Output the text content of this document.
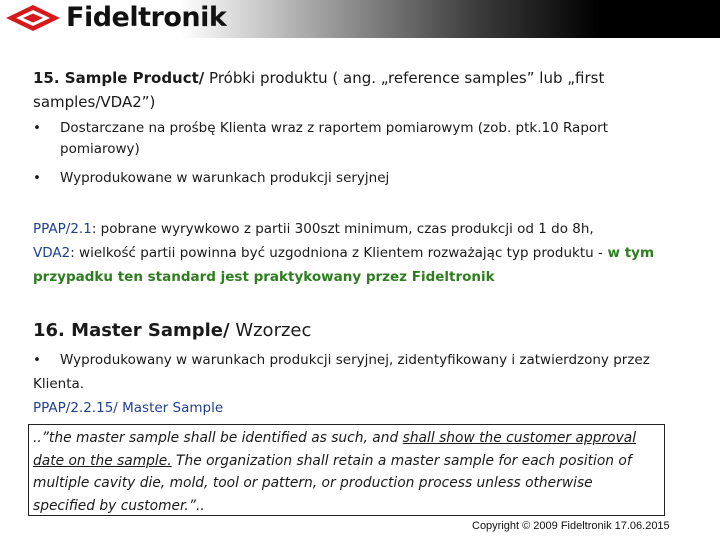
Fideltronik
15. Sample Product/ Próbki produktu ( ang. „reference samples” lub „first samples/VDA2”)
• Dostarczane na prośbę Klienta wraz z raportem pomiarowym (zob. ptk.10 Raport pomiarowy)
• Wyprodukowane w warunkach produkcji seryjnej
PPAP/2.1: pobrane wyrywkowo z partii 300szt minimum, czas produkcji od 1 do 8h,
VDA2: wielkość partii powinna być uzgodniona z Klientem rozważając typ produktu - w tym przypadku ten standard jest praktykowany przez Fideltronik
16. Master Sample/ Wzorzec
• Wyprodukowany w warunkach produkcji seryjnej, zidentyfikowany i zatwierdzony przez Klienta.
PPAP/2.2.15/ Master Sample
..”the master sample shall be identified as such, and shall show the customer approval date on the sample. The organization shall retain a master sample for each position of multiple cavity die, mold, tool or pattern, or production process unless otherwise specified by customer.”..
Copyright © 2009 Fideltronik 17.06.2015
